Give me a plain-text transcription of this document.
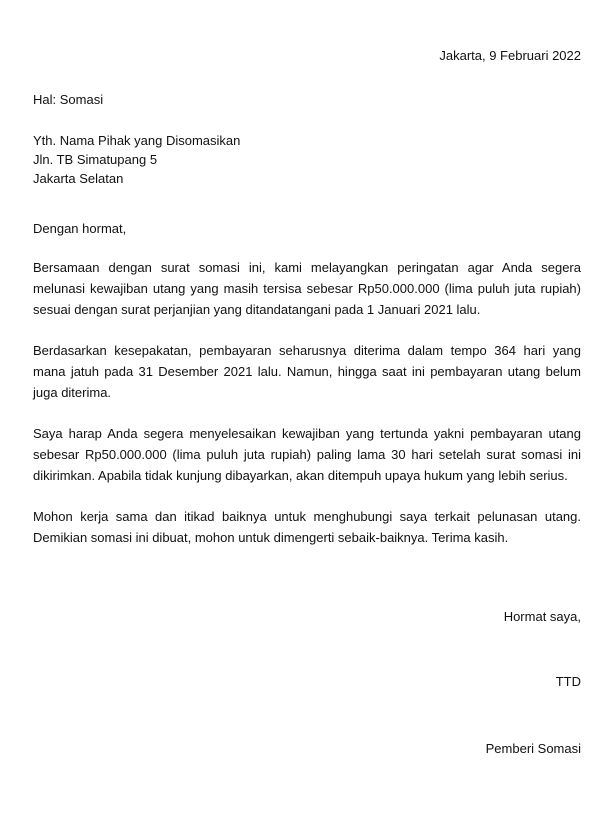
Jakarta, 9 Februari 2022
Hal: Somasi
Yth. Nama Pihak yang Disomasikan
Jln. TB Simatupang 5
Jakarta Selatan
Dengan hormat,

Bersamaan dengan surat somasi ini, kami melayangkan peringatan agar Anda segera melunasi kewajiban utang yang masih tersisa sebesar Rp50.000.000 (lima puluh juta rupiah) sesuai dengan surat perjanjian yang ditandatangani pada 1 Januari 2021 lalu.

Berdasarkan kesepakatan, pembayaran seharusnya diterima dalam tempo 364 hari yang mana jatuh pada 31 Desember 2021 lalu. Namun, hingga saat ini pembayaran utang belum juga diterima.

Saya harap Anda segera menyelesaikan kewajiban yang tertunda yakni pembayaran utang sebesar Rp50.000.000 (lima puluh juta rupiah) paling lama 30 hari setelah surat somasi ini dikirimkan. Apabila tidak kunjung dibayarkan, akan ditempuh upaya hukum yang lebih serius.

Mohon kerja sama dan itikad baiknya untuk menghubungi saya terkait pelunasan utang. Demikian somasi ini dibuat, mohon untuk dimengerti sebaik-baiknya. Terima kasih.

Hormat saya,
TTD
Pemberi Somasi
